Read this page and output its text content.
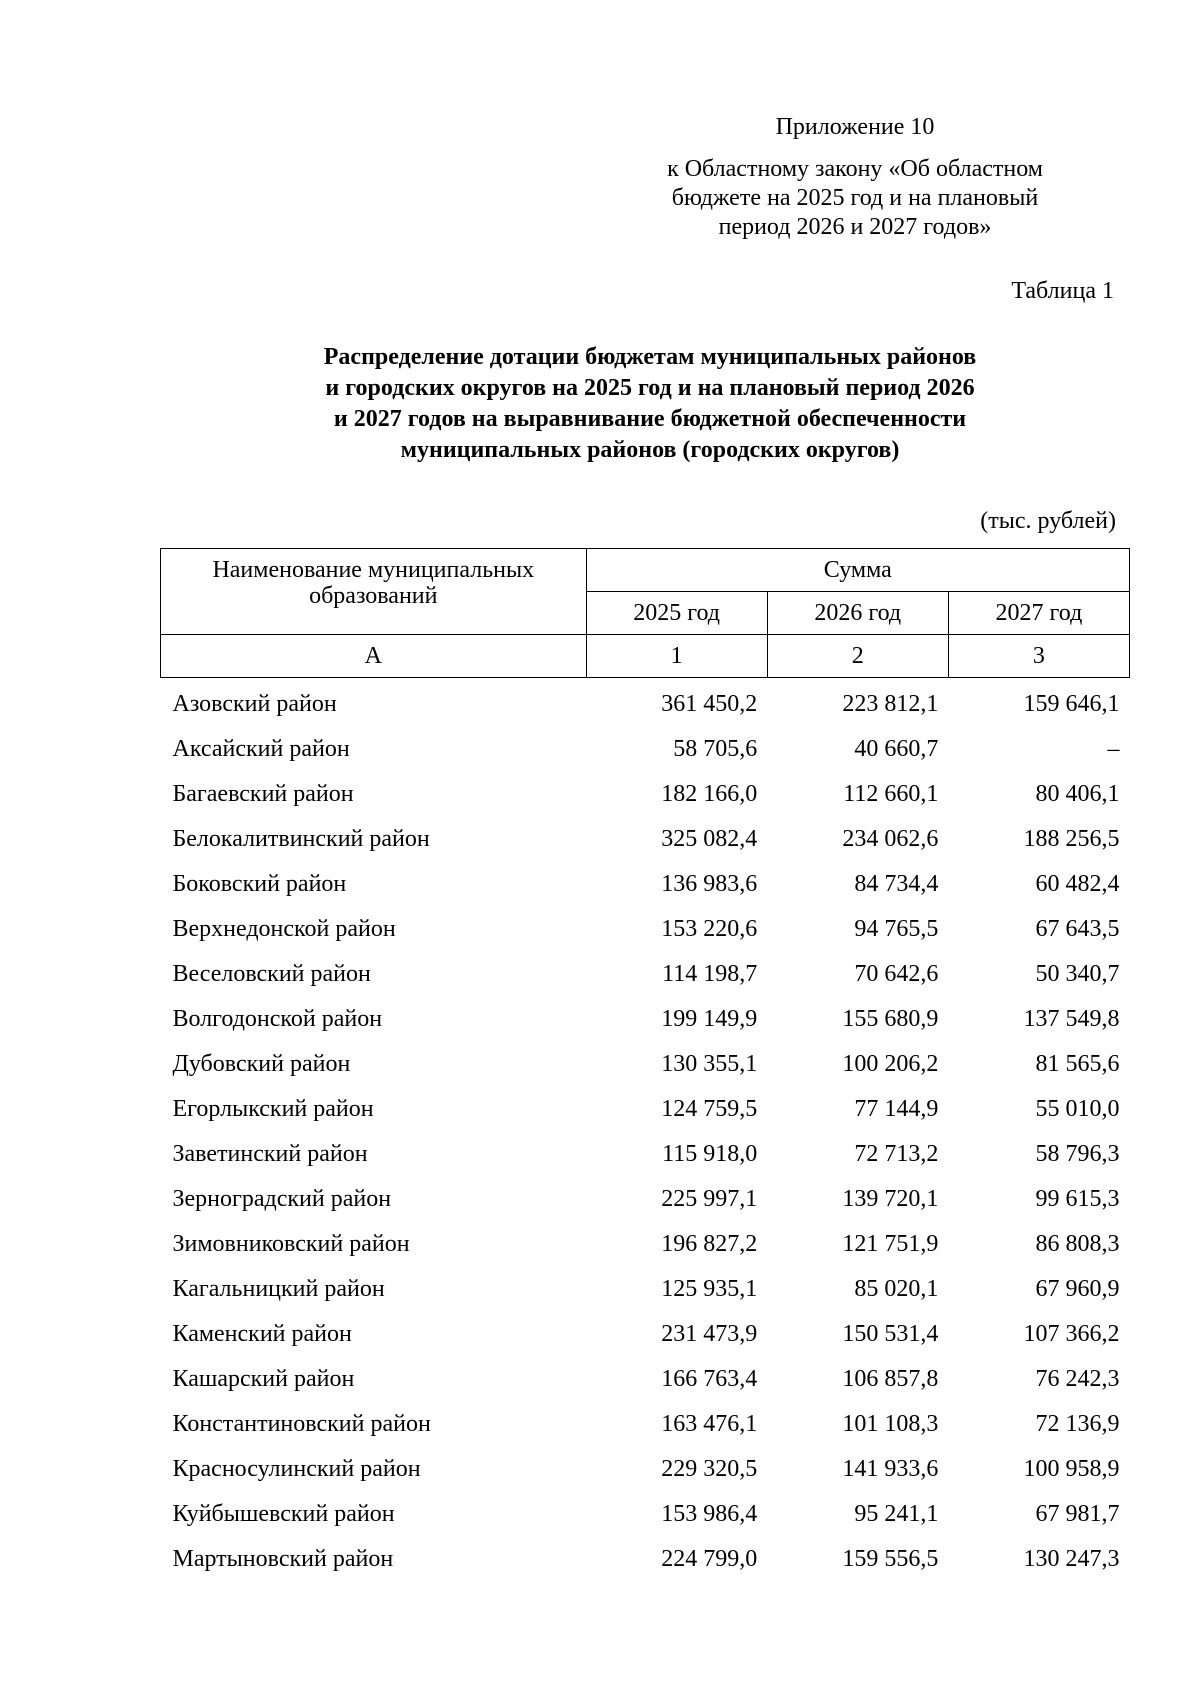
Приложение 10
к Областному закону «Об областном
бюджете на 2025 год и на плановый
период 2026 и 2027 годов»
Таблица 1
Распределение дотации бюджетам муниципальных районов
и городских округов на 2025 год и на плановый период 2026
и 2027 годов на выравнивание бюджетной обеспеченности
муниципальных районов (городских округов)
(тыс. рублей)
Наименование муниципальных образований	Сумма		
	2025 год	2026 год	2027 год
А	1	2	3
Азовский район	361 450,2	223 812,1	159 646,1
Аксайский район	58 705,6	40 660,7	–
Багаевский район	182 166,0	112 660,1	80 406,1
Белокалитвинский район	325 082,4	234 062,6	188 256,5
Боковский район	136 983,6	84 734,4	60 482,4
Верхнедонской район	153 220,6	94 765,5	67 643,5
Веселовский район	114 198,7	70 642,6	50 340,7
Волгодонской район	199 149,9	155 680,9	137 549,8
Дубовский район	130 355,1	100 206,2	81 565,6
Егорлыкский район	124 759,5	77 144,9	55 010,0
Заветинский район	115 918,0	72 713,2	58 796,3
Зерноградский район	225 997,1	139 720,1	99 615,3
Зимовниковский район	196 827,2	121 751,9	86 808,3
Кагальницкий район	125 935,1	85 020,1	67 960,9
Каменский район	231 473,9	150 531,4	107 366,2
Кашарский район	166 763,4	106 857,8	76 242,3
Константиновский район	163 476,1	101 108,3	72 136,9
Красносулинский район	229 320,5	141 933,6	100 958,9
Куйбышевский район	153 986,4	95 241,1	67 981,7
Мартыновский район	224 799,0	159 556,5	130 247,3
